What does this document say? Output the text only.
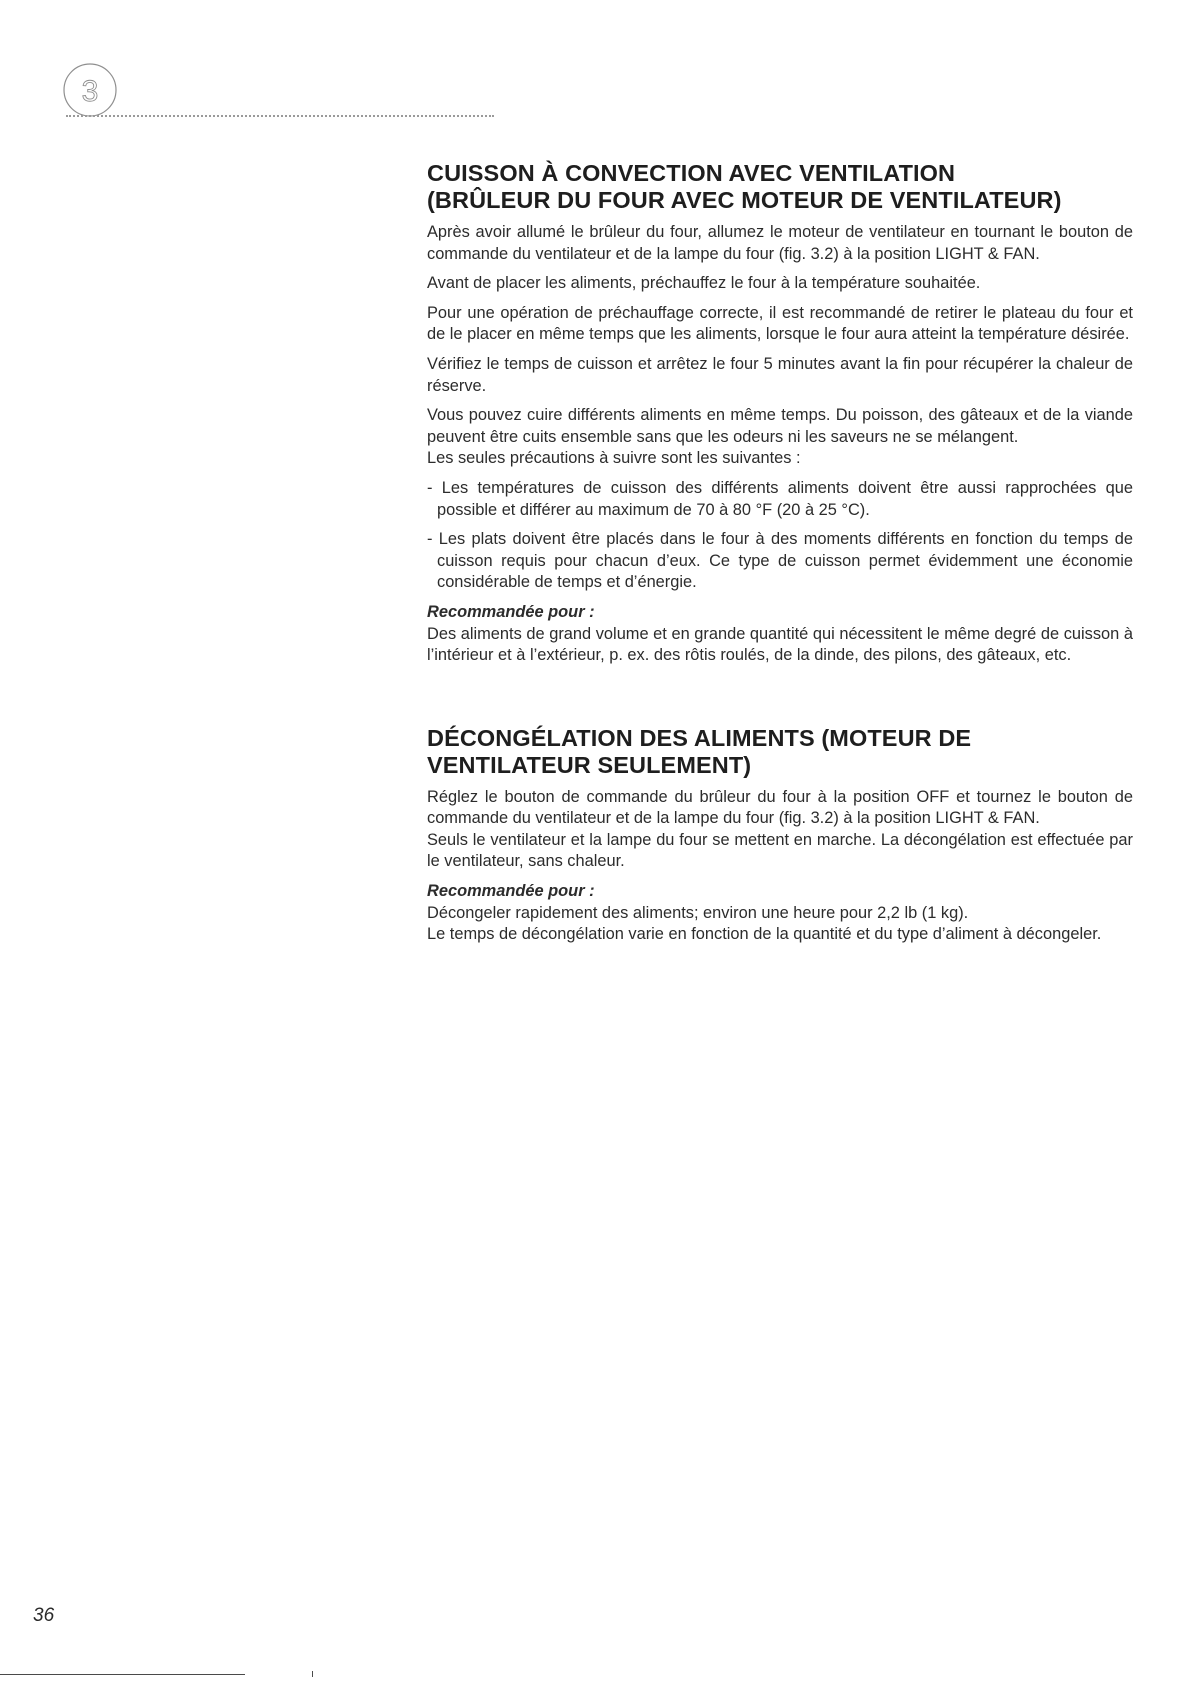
3
CUISSON À CONVECTION AVEC VENTILATION
(BRÛLEUR DU FOUR AVEC MOTEUR DE VENTILATEUR)

Après avoir allumé le brûleur du four, allumez le moteur de ventilateur en tournant le bouton de commande du ventilateur et de la lampe du four (fig. 3.2) à la position LIGHT & FAN.

Avant de placer les aliments, préchauffez le four à la température souhaitée.

Pour une opération de préchauffage correcte, il est recommandé de retirer le plateau du four et de le placer en même temps que les aliments, lorsque le four aura atteint la température désirée.

Vérifiez le temps de cuisson et arrêtez le four 5 minutes avant la fin pour récupérer la chaleur de réserve.

Vous pouvez cuire différents aliments en même temps. Du poisson, des gâteaux et de la viande peuvent être cuits ensemble sans que les odeurs ni les saveurs ne se mélangent.

Les seules précautions à suivre sont les suivantes :

- Les températures de cuisson des différents aliments doivent être aussi rapprochées que possible et différer au maximum de 70 à 80 °F (20 à 25 °C).

- Les plats doivent être placés dans le four à des moments différents en fonction du temps de cuisson requis pour chacun d’eux. Ce type de cuisson permet évidemment une économie considérable de temps et d’énergie.

Recommandée pour :

Des aliments de grand volume et en grande quantité qui nécessitent le même degré de cuisson à l’intérieur et à l’extérieur, p. ex. des rôtis roulés, de la dinde, des pilons, des gâteaux, etc.

DÉCONGÉLATION DES ALIMENTS (MOTEUR DE
VENTILATEUR SEULEMENT)

Réglez le bouton de commande du brûleur du four à la position OFF et tournez le bouton de commande du ventilateur et de la lampe du four (fig. 3.2) à la position LIGHT & FAN.

Seuls le ventilateur et la lampe du four se mettent en marche. La décongélation est effectuée par le ventilateur, sans chaleur.

Recommandée pour :

Décongeler rapidement des aliments; environ une heure pour 2,2 lb (1 kg).

Le temps de décongélation varie en fonction de la quantité et du type d’aliment à décongeler.

36
